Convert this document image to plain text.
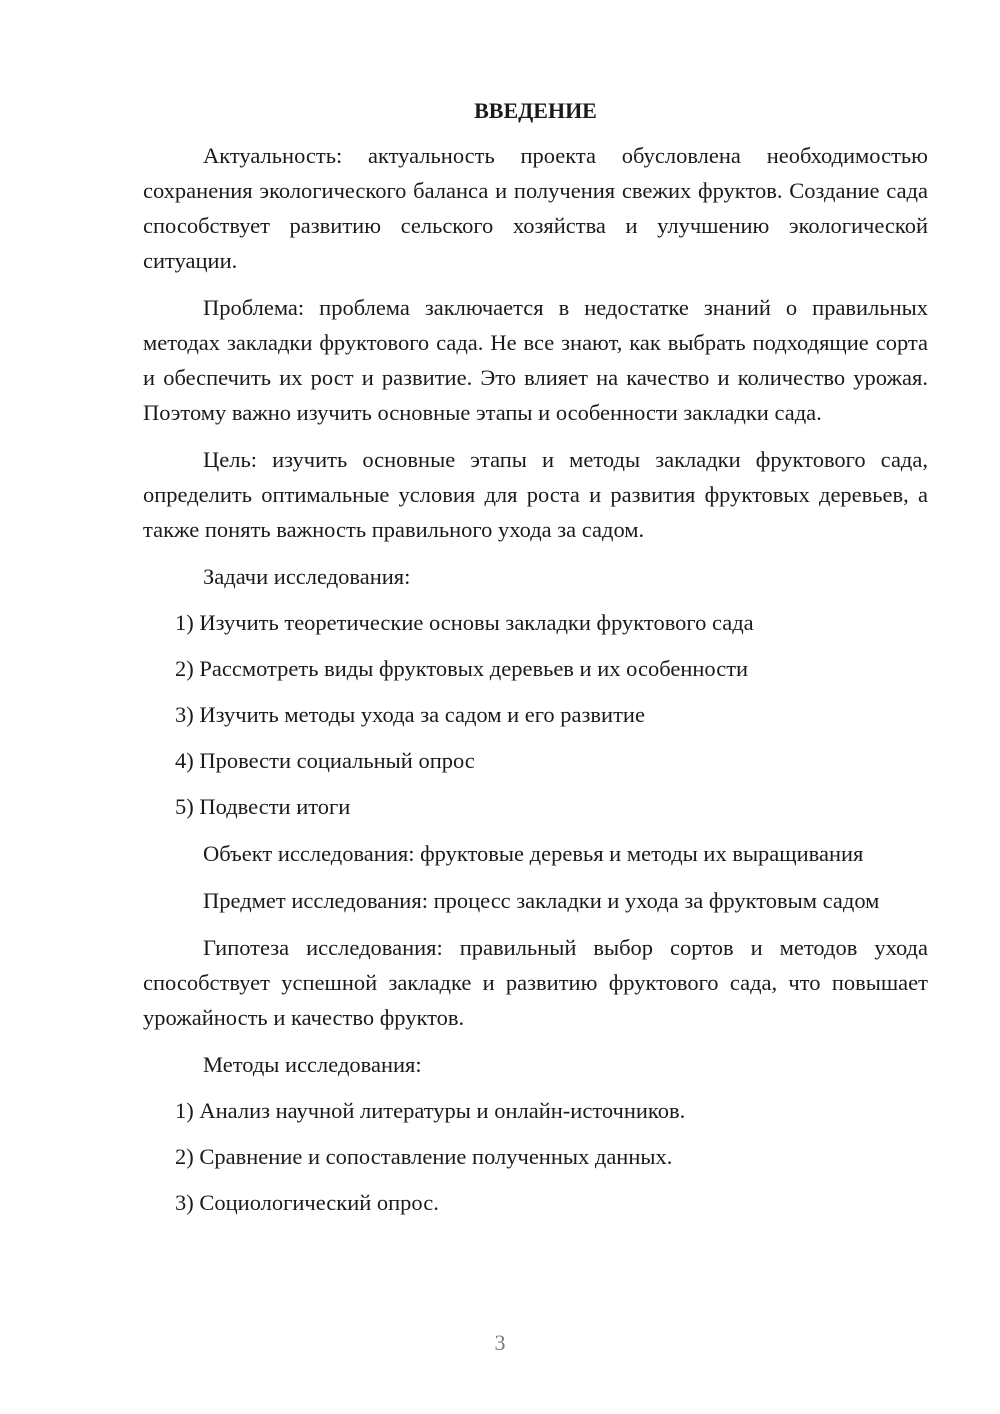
ВВЕДЕНИЕ

Актуальность: актуальность проекта обусловлена необходимостью сохранения экологического баланса и получения свежих фруктов. Создание сада способствует развитию сельского хозяйства и улучшению экологической ситуации.

Проблема: проблема заключается в недостатке знаний о правильных методах закладки фруктового сада. Не все знают, как выбрать подходящие сорта и обеспечить их рост и развитие. Это влияет на качество и количество урожая. Поэтому важно изучить основные этапы и особенности закладки сада.

Цель: изучить основные этапы и методы закладки фруктового сада, определить оптимальные условия для роста и развития фруктовых деревьев, а также понять важность правильного ухода за садом.

Задачи исследования:

1) Изучить теоретические основы закладки фруктового сада

2) Рассмотреть виды фруктовых деревьев и их особенности

3) Изучить методы ухода за садом и его развитие

4) Провести социальный опрос

5) Подвести итоги

Объект исследования: фруктовые деревья и методы их выращивания

Предмет исследования: процесс закладки и ухода за фруктовым садом

Гипотеза исследования: правильный выбор сортов и методов ухода способствует успешной закладке и развитию фруктового сада, что повышает урожайность и качество фруктов.

Методы исследования:

1) Анализ научной литературы и онлайн-источников.

2) Сравнение и сопоставление полученных данных.

3) Социологический опрос.

3
